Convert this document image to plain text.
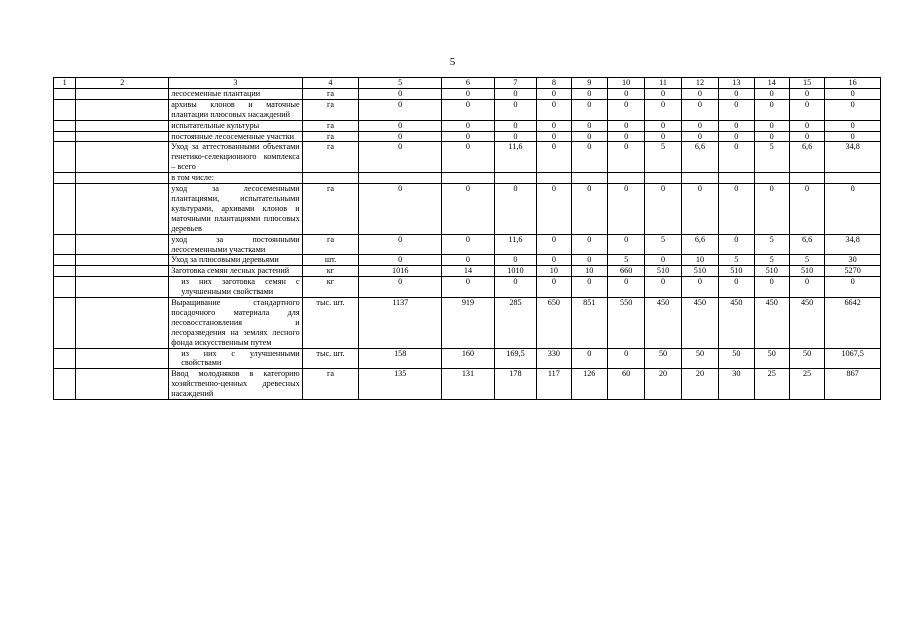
5
1	2	3	4	5	6	7	8	9	10	11	12	13	14	15	16
		лесосеменные плантации	га	0	0	0	0	0	0	0	0	0	0	0	0
		архивы клонов и маточные плантации плюсовых насаждений	га	0	0	0	0	0	0	0	0	0	0	0	0
		испытательные культуры	га	0	0	0	0	0	0	0	0	0	0	0	0
		постоянные лесосеменные участки	га	0	0	0	0	0	0	0	0	0	0	0	0
		Уход за аттестованными объектами генетико-селекционного комплекса – всего	га	0	0	11,6	0	0	0	5	6,6	0	5	6,6	34,8
		в том числе:													
		уход за лесосеменными плантациями, испытательными культурами, архивами клонов и маточными плантациями плюсовых деревьев	га	0	0	0	0	0	0	0	0	0	0	0	0
		уход за постоянными лесосеменными участками	га	0	0	11,6	0	0	0	5	6,6	0	5	6,6	34,8
		Уход за плюсовыми деревьями	шт.	0	0	0	0	0	5	0	10	5	5	5	30
		Заготовка семян лесных растений	кг	1016	14	1010	10	10	660	510	510	510	510	510	5270
		из них заготовка семян с улучшенными свойствами	кг	0	0	0	0	0	0	0	0	0	0	0	0
		Выращивание стандартного посадочного материала для лесовосстановления и лесоразведения на землях лесного фонда искусственным путем	тыс. шт.	1137	919	285	650	851	550	450	450	450	450	450	6642
		из них с улучшенными свойствами	тыс. шт.	158	160	169,5	330	0	0	50	50	50	50	50	1067,5
		Ввод молодняков в категорию хозяйственно-ценных древесных насаждений	га	135	131	178	117	126	60	20	20	30	25	25	867
